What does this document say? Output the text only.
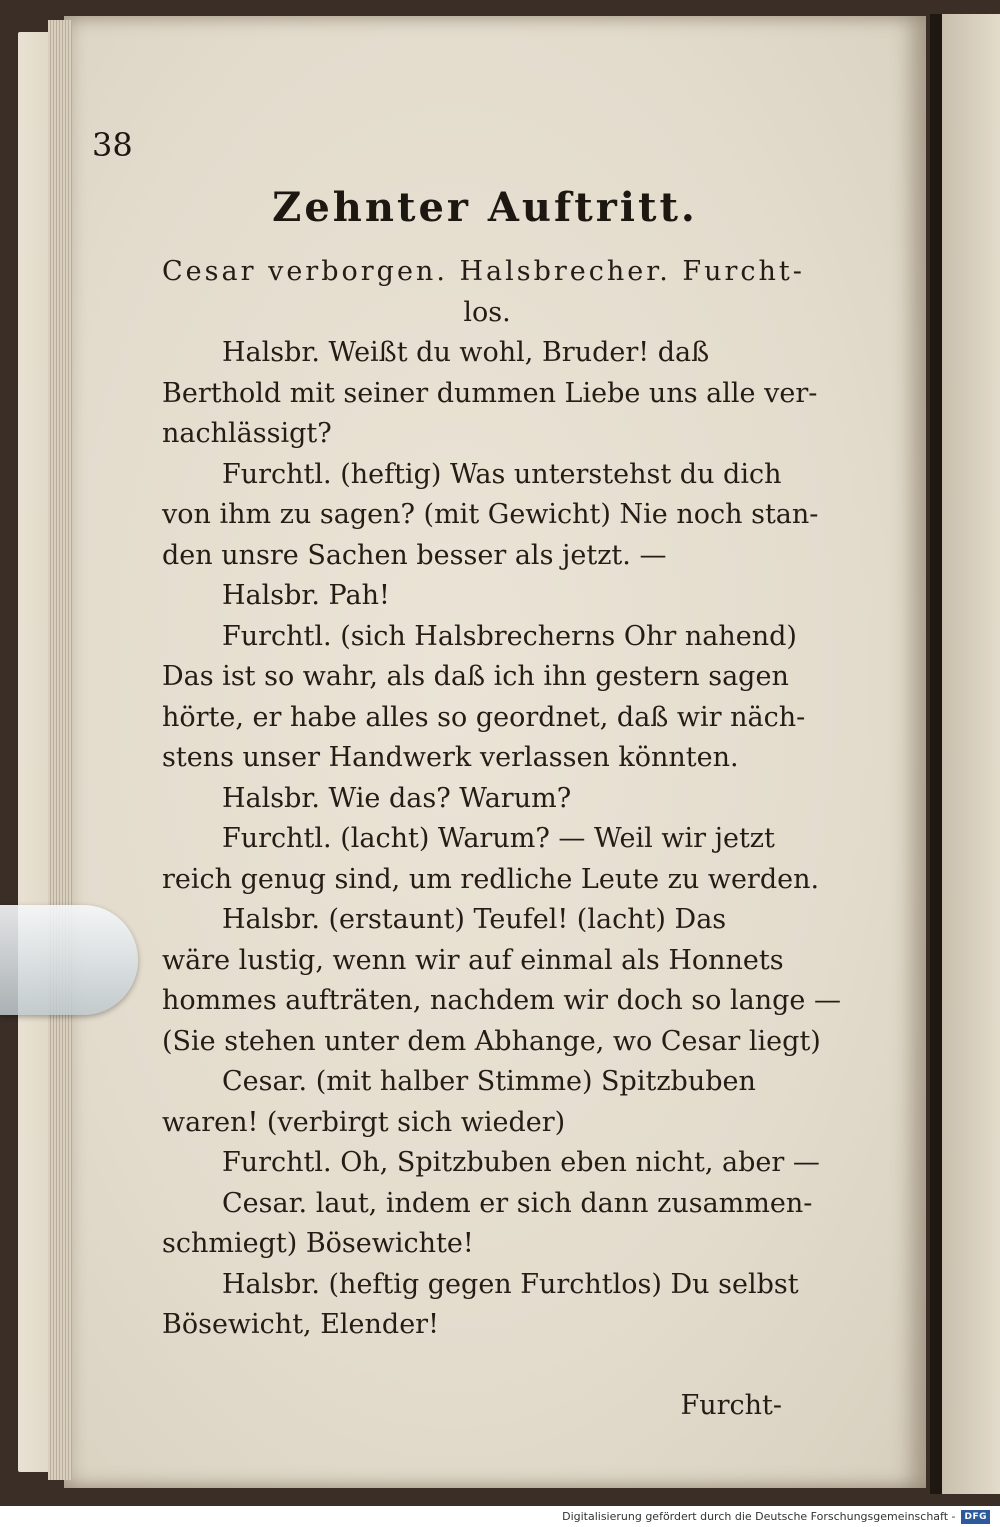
38
Zehnter Auftritt.
Cesar verborgen. Halsbrecher. Furcht-
los.
Halsbr. Weißt du wohl, Bruder! daß
Berthold mit seiner dummen Liebe uns alle ver-
nachlässigt?
Furchtl. (heftig) Was unterstehst du dich
von ihm zu sagen? (mit Gewicht) Nie noch stan-
den unsre Sachen besser als jetzt. —
Halsbr. Pah!
Furchtl. (sich Halsbrecherns Ohr nahend)
Das ist so wahr, als daß ich ihn gestern sagen
hörte, er habe alles so geordnet, daß wir näch-
stens unser Handwerk verlassen könnten.
Halsbr. Wie das? Warum?
Furchtl. (lacht) Warum? — Weil wir jetzt
reich genug sind, um redliche Leute zu werden.
Halsbr. (erstaunt) Teufel! (lacht) Das
wäre lustig, wenn wir auf einmal als Honnets
hommes aufträten, nachdem wir doch so lange —
(Sie stehen unter dem Abhange, wo Cesar liegt)
Cesar. (mit halber Stimme) Spitzbuben
waren! (verbirgt sich wieder)
Furchtl. Oh, Spitzbuben eben nicht, aber —
Cesar. laut, indem er sich dann zusammen-
schmiegt) Bösewichte!
Halsbr. (heftig gegen Furchtlos) Du selbst
Bösewicht, Elender!
Furcht-
Digitalisierung gefördert durch die Deutsche Forschungsgemeinschaft -	DFG
